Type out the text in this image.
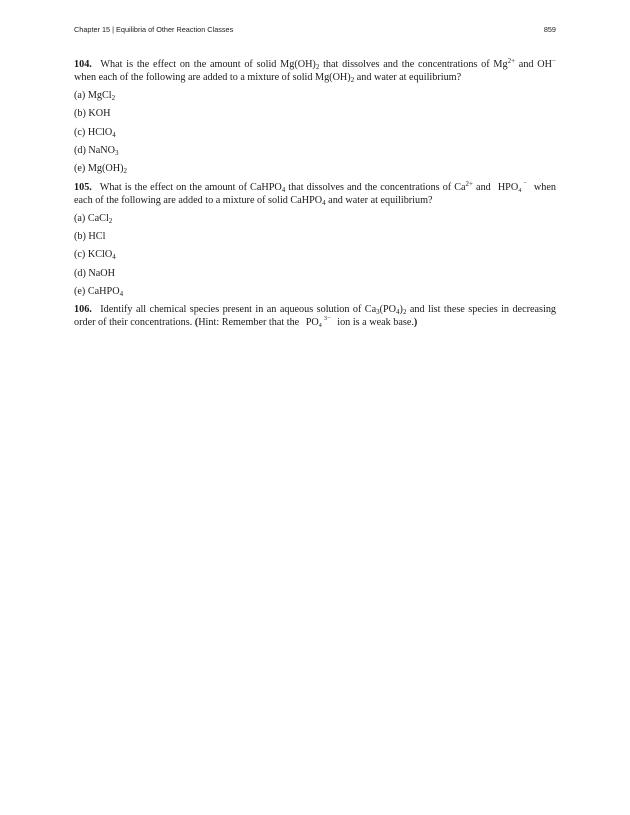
Chapter 15 | Equilibria of Other Reaction Classes	859

104. What is the effect on the amount of solid $Mg(OH)_2$ that dissolves and the concentrations of $Mg^{2+}$ and OH− when each of the following are added to a mixture of solid $Mg(OH)_2$ and water at equilibrium?

(a) MgCl$_2$
(b) KOH
(c) HClO$_4$
(d) NaNO$_3$
(e) $Mg(OH)_2$

105. What is the effect on the amount of CaHPO$_4$ that dissolves and the concentrations of $Ca^{2+}$ and $HPO_4^-$ when each of the following are added to a mixture of solid CaHPO$_4$ and water at equilibrium?

(a) CaCl$_2$
(b) HCl
(c) KClO$_4$
(d) NaOH
(e) CaHPO$_4$

106. Identify all chemical species present in an aqueous solution of $Ca_3(PO_4)_2$ and list these species in decreasing order of their concentrations. (Hint: Remember that the $PO_4^{3-}$ ion is a weak base.)
